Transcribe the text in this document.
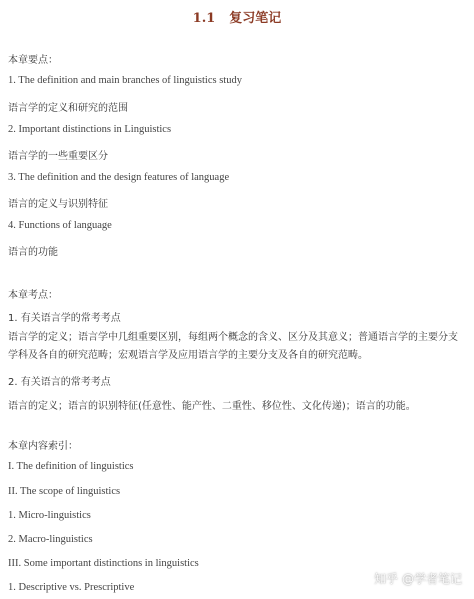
1.1 复习笔记
本章要点：
1. The definition and main branches of linguistics study
语言学的定义和研究的范围
2. Important distinctions in Linguistics
语言学的一些重要区分
3. The definition and the design features of language
语言的定义与识别特征
4. Functions of language
语言的功能
本章考点：
1. 有关语言学的常考考点
语言学的定义；语言学中几组重要区别，每组两个概念的含义、区分及其意义；普通语言学的主要分支学科及各自的研究范畴；宏观语言学及应用语言学的主要分支及各自的研究范畴。
2. 有关语言的常考考点
语言的定义；语言的识别特征(任意性、能产性、二重性、移位性、文化传递)；语言的功能。
本章内容索引：
I. The definition of linguistics
II. The scope of linguistics
1. Micro-linguistics
2. Macro-linguistics
III. Some important distinctions in linguistics
1. Descriptive vs. Prescriptive
知乎 @学者笔记
